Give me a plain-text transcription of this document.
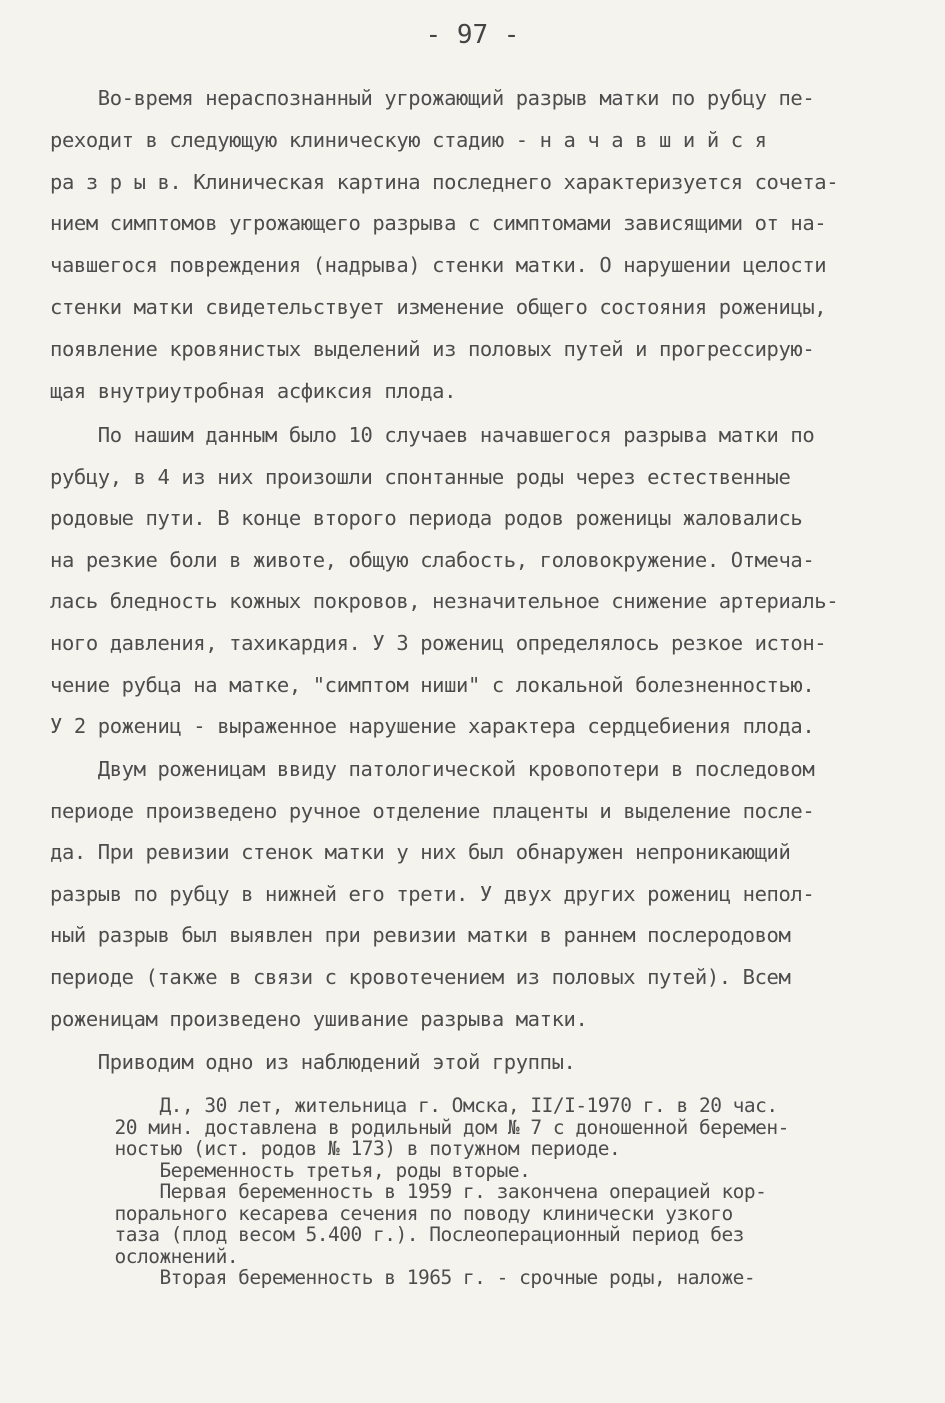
- 97 -
Во-время нераспознанный угрожающий разрыв матки по рубцу пе-
реходит в следующую клиническую стадию - н а ч а в ш и й с я
ра з р ы в. Клиническая картина последнего характеризуется сочета-
нием симптомов угрожающего разрыва с симптомами зависящими от на-
чавшегося повреждения (надрыва) стенки матки. О нарушении целости
стенки матки свидетельствует изменение общего состояния роженицы,
появление кровянистых выделений из половых путей и прогрессирую-
щая внутриутробная асфиксия плода.
По нашим данным было 10 случаев начавшегося разрыва матки по
рубцу, в 4 из них произошли спонтанные роды через естественные
родовые пути. В конце второго периода родов роженицы жаловались
на резкие боли в животе, общую слабость, головокружение. Отмеча-
лась бледность кожных покровов, незначительное снижение артериаль-
ного давления, тахикардия. У 3 рожениц определялось резкое истон-
чение рубца на матке, "симптом ниши" с локальной болезненностью.
У 2 рожениц - выраженное нарушение характера сердцебиения плода.
Двум роженицам ввиду патологической кровопотери в последовом
периоде произведено ручное отделение плаценты и выделение после-
да. При ревизии стенок матки у них был обнаружен непроникающий
разрыв по рубцу в нижней его трети. У двух других рожениц непол-
ный разрыв был выявлен при ревизии матки в раннем послеродовом
периоде (также в связи с кровотечением из половых путей). Всем
роженицам произведено ушивание разрыва матки.
Приводим одно из наблюдений этой группы.
Д., 30 лет, жительница г. Омска, II/I-1970 г. в 20 час.
20 мин. доставлена в родильный дом № 7 с доношенной беремен-
ностью (ист. родов № 173) в потужном периоде.
Беременность третья, роды вторые.
Первая беременность в 1959 г. закончена операцией кор-
порального кесарева сечения по поводу клинически узкого
таза (плод весом 5.400 г.). Послеоперационный период без
осложнений.
Вторая беременность в 1965 г. - срочные роды, наложе-
